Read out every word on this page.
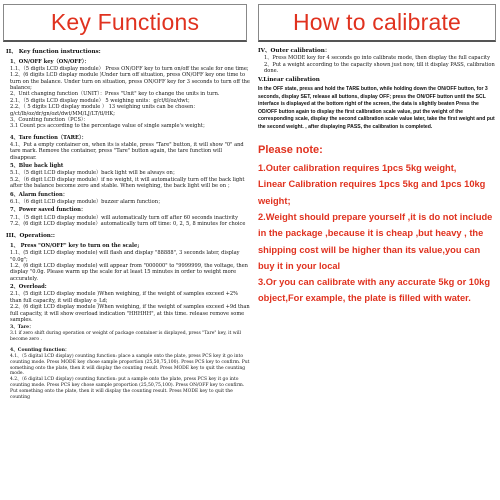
Key Functions	How to calibrate
II、 Key function instructions:
1、ON/OFF key（ON/OFF）：
1.1、（5 digits LCD display module） Press ON/OFF key to turn on/off the scale for one time;
1.2、(6 digits LCD display module )Under turn off situation, press ON/OFF key one time to turn on the balance. Under turn on situation, press ON/OFF key for 3 seconds to turn off the balance;
2、Unit changing function（UNIT）：Press "Unit" key to change the units in turn.
2.1、（5 digits LCD display module） 5 weighing units：g/ct/tl/oz/dwt；
2.2、（ 5 digits LCD display module ） 13 weighing units can be chosen：g/ct/lb/oz/dr/gn/ozt/dwt/MM/LJ/LT/tl/HK;
3、Counting function（PCS）：
3.1 Count pcs according to the percentage value of single sample's weight；
4、Tare function（TARE）：
4.1、Put a empty container on, when its is stable, press "Tare" button, it will show "0" and tare mark. Remove the container, press "Tare" button again, the tare function will disappear.
5、Blue back light
5.1、（5 digit LCD display module）back light will be always on；
5.2、（6 digit LCD display module）if no weight, it will automatically turn off the back light after the balance become zero and stable. When weighing, the back light will be on ；
6、Alarm function：
6.1、（6 digit LCD display module）buzzer alarm function；
7、Power saved function：
7.1、（5 digit LCD display module）will automatically turn off after 60 seconds inactivity
7.2、(6 digit LCD display module）automatically turn off time: 0, 2, 5, 8 minutes for choice
III、Operation::
1、 Press "ON/OFF" key to turn on the scale;
1.1、(5 digit LCD display module) will flash and display "88888", 3 seconds later, display "0.0g";
1.2、(6 digit LCD display module) will appear from "000000" to "9999999, the voltage, then display "0.0g. Please warm up the scale for at least 15 minutes in order to weight more accurately.
2、Overload:
2.1、(5 digit LCD display module )When weighing, if the weight of samples exceed +2% than full capacity, it will display o_Ld;
2.2、(6 digit LCD display module )When weighing, if the weight of samples exceed +9d than full capacity, it will show overload indication "HHHHH", at this time. release remove some samples.
3、Tare：
3.1 if zero shift during operation or weight of package container is displayed, press "Tare" key, it will become zero .
4、Counting function：
4.1、（5 digital LCD display) counting function: place a sample onto the plate, press PCS key it go into counting mode. Press MODE key chose sample proportion (25,50,75,100). Press PCS key to confirm. Put something onto the plate, then it will display the counting result. Press MODE key to quit the counting mode.
4.2、（6 digital LCD display) counting function: put a sample onto the plate, press PCS key it go into counting mode. Press PCS key chose sample proportion (25,50,75,100). Press ON/OFF key to confirm. Put something onto the plate, then it will display the counting result. Press MODE key to quit the counting
IV、Outer calibration：
1、Press MODE key for 4 seconds go into calibrate mode, then display the full capacity
2、Put a weight according to the capacity shown just now, till it display PASS, calibration done.
V.Linear calibration
In the OFF state, press and hold the TARE button, while holding down the ON/OFF button, for 3 seconds, display SET, release all buttons, display OFF; press the ON/OFF button until the SCL interface is displayed at the bottom right of the screen, the data is slightly beaten Press the OD/OFF button again to display the first calibration scale value, put the weight of the corresponding scale, display the second calibration scale value later, take the first weight and put the second weight. , after displaying PASS, the calibration is completed.
Please note:
1.Outer calibration requires 1pcs 5kg weight,
Linear Calibration requires 1pcs 5kg and 1pcs 10kg weight;
2.Weight should prepare yourself ,it is do not include in the package ,because it is cheap ,but heavy , the shipping cost will be higher than its value,you can buy it in your local
3.Or you can calibrate with any accurate 5kg or 10kg object,For example, the plate is filled with water.
